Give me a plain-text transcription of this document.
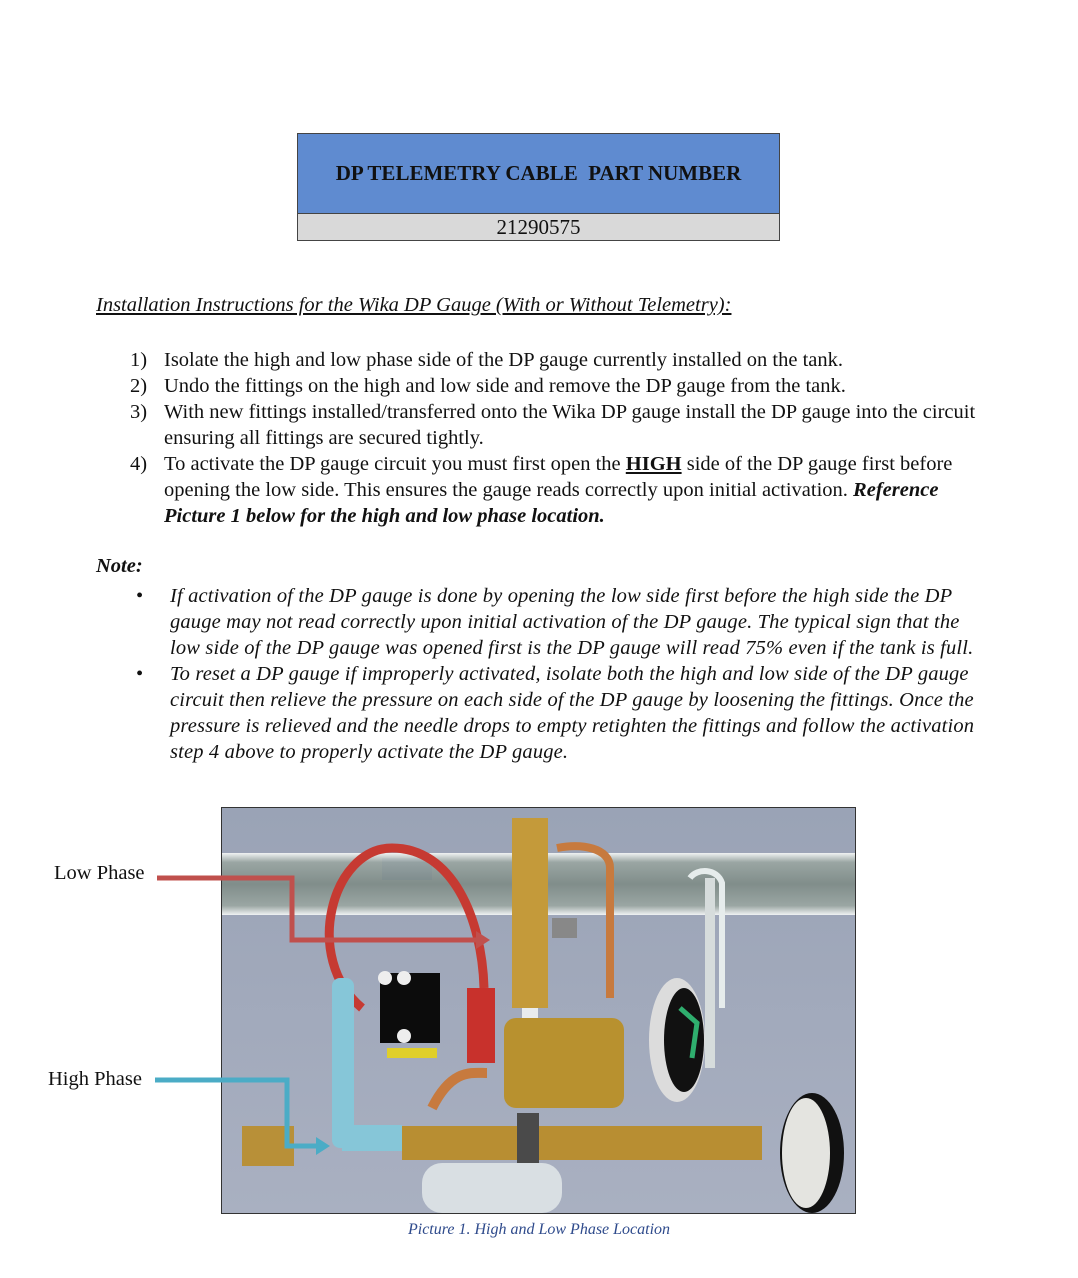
DP TELEMETRY CABLE  PART NUMBER
21290575
Installation Instructions for the Wika DP Gauge (With or Without Telemetry):
1) Isolate the high and low phase side of the DP gauge currently installed on the tank.
2) Undo the fittings on the high and low side and remove the DP gauge from the tank.
3) With new fittings installed/transferred onto the Wika DP gauge install the DP gauge into the circuit ensuring all fittings are secured tightly.
4) To activate the DP gauge circuit you must first open the HIGH side of the DP gauge first before opening the low side. This ensures the gauge reads correctly upon initial activation. Reference Picture 1 below for the high and low phase location.
Note:
• If activation of the DP gauge is done by opening the low side first before the high side the DP gauge may not read correctly upon initial activation of the DP gauge. The typical sign that the low side of the DP gauge was opened first is the DP gauge will read 75% even if the tank is full.
• To reset a DP gauge if improperly activated, isolate both the high and low side of the DP gauge circuit then relieve the pressure on each side of the DP gauge by loosening the fittings. Once the pressure is relieved and the needle drops to empty retighten the fittings and follow the activation step 4 above to properly activate the DP gauge.
Low Phase
High Phase
Picture 1. High and Low Phase Location
